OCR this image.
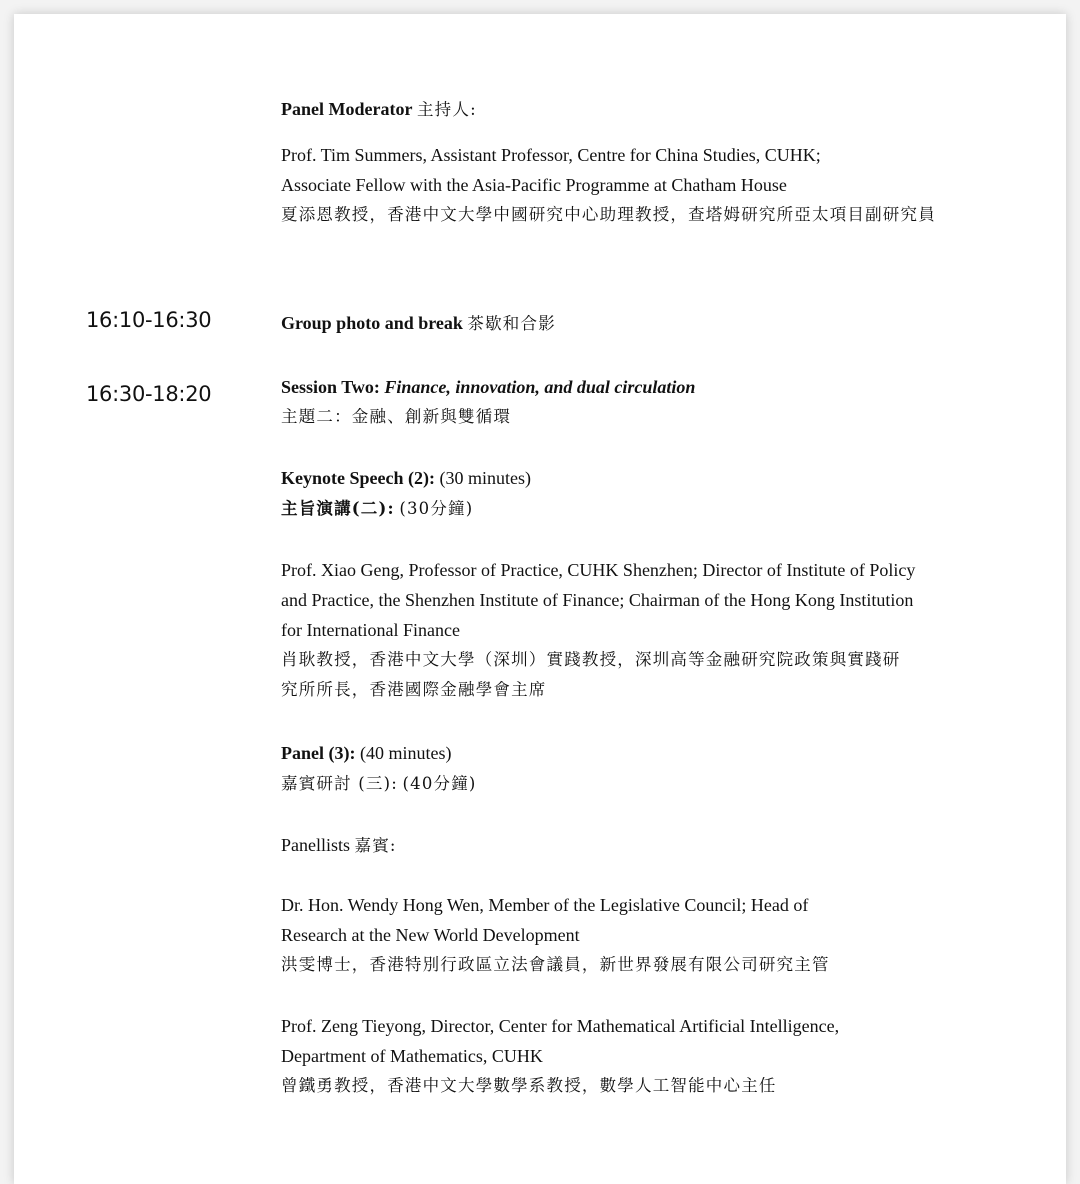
Panel Moderator 主持人:

Prof. Tim Summers, Assistant Professor, Centre for China Studies, CUHK;

Associate Fellow with the Asia-Pacific Programme at Chatham House

夏添恩教授，香港中文大學中國研究中心助理教授，查塔姆研究所亞太項目副研究員

16:10-16:30	Group photo and break 茶歇和合影

16:30-18:20	Session Two: Finance, innovation, and dual circulation

主題二：金融、創新與雙循環

Keynote Speech (2): (30 minutes)

主旨演講(二): (30分鐘)

Prof. Xiao Geng, Professor of Practice, CUHK Shenzhen; Director of Institute of Policy

and Practice, the Shenzhen Institute of Finance; Chairman of the Hong Kong Institution

for International Finance

肖耿教授，香港中文大學（深圳）實踐教授，深圳高等金融研究院政策與實踐研

究所所長，香港國際金融學會主席

Panel (3): (40 minutes)

嘉賓研討 (三): (40分鐘)

Panellists 嘉賓:

Dr. Hon. Wendy Hong Wen, Member of the Legislative Council; Head of

Research at the New World Development

洪雯博士，香港特別行政區立法會議員，新世界發展有限公司研究主管

Prof. Zeng Tieyong, Director, Center for Mathematical Artificial Intelligence,

Department of Mathematics, CUHK

曾鐵勇教授，香港中文大學數學系教授，數學人工智能中心主任
